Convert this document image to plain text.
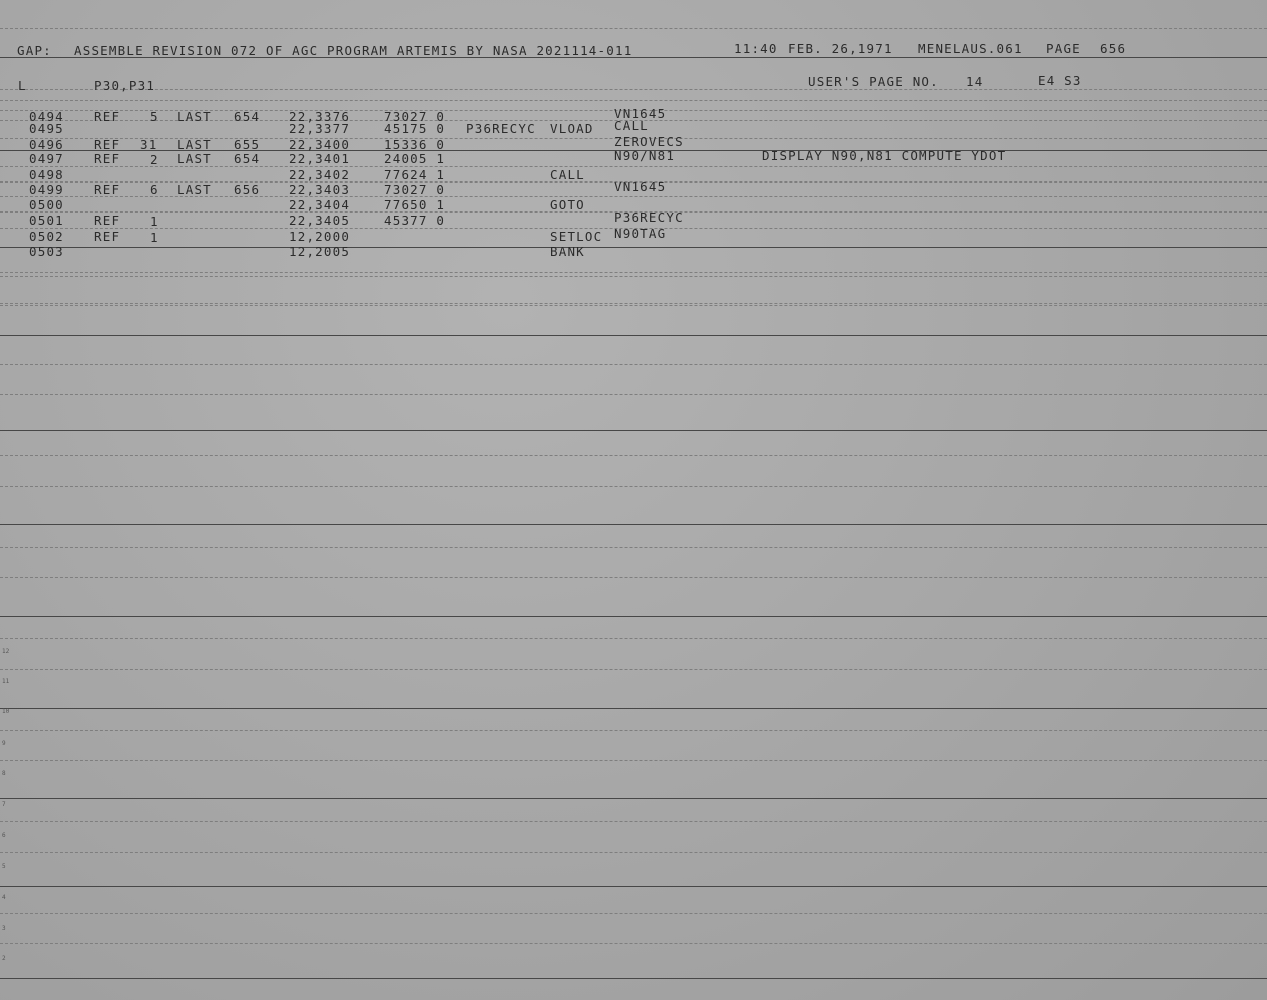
GAP: ASSEMBLE REVISION 072 OF AGC PROGRAM ARTEMIS BY NASA 2021114-011	11:40 FEB. 26,1971 MENELAUS.061 PAGE 656
L	P30,P31	USER'S PAGE NO. 14	E4 S3
0494 REF 5 LAST 654 22,3376	73027 0	VN1645
0495	22,3377	45175 0 P36RECYC VLOAD CALL
0496 REF 31 LAST 655 22,3400	15336 0	ZEROVECS
0497 REF 2 LAST 654 22,3401	24005 1	N90/N81	DISPLAY N90,N81 COMPUTE YDOT
0498	22,3402	77624 1	CALL
0499 REF 6 LAST 656 22,3403	73027 0	VN1645
0500	22,3404	77650 1	GOTO
0501 REF 1	22,3405	45377 0	P36RECYC
0502 REF 1	12,2000	SETLOC N90TAG
0503	12,2005	BANK
12
11
10
9
8
7
6
5
4
3
2
